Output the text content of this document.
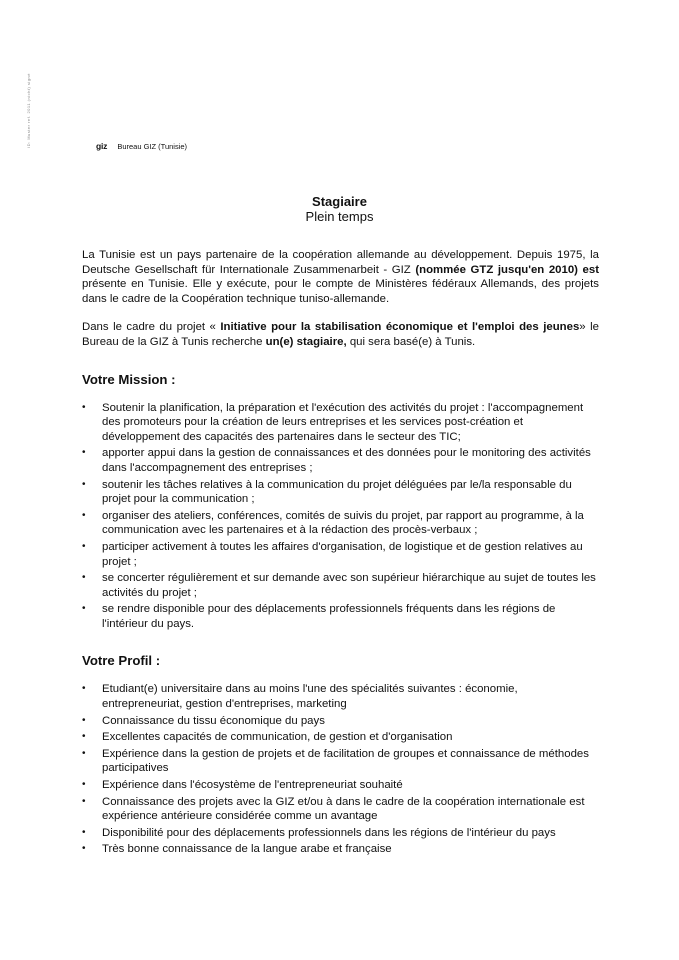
ID: Muster ref. 2011 (nicht) signé	giz Bureau GIZ (Tunisie)
Stagiaire
Plein temps

La Tunisie est un pays partenaire de la coopération allemande au développement. Depuis 1975, la Deutsche Gesellschaft für Internationale Zusammenarbeit - GIZ (nommée GTZ jusqu'en 2010) est présente en Tunisie. Elle y exécute, pour le compte de Ministères fédéraux Allemands, des projets dans le cadre de la Coopération technique tuniso-allemande.

Dans le cadre du projet « Initiative pour la stabilisation économique et l'emploi des jeunes» le Bureau de la GIZ à Tunis recherche un(e) stagiaire, qui sera basé(e) à Tunis.

Votre Mission :
• Soutenir la planification, la préparation et l'exécution des activités du projet : l'accompagnement des promoteurs pour la création de leurs entreprises et les services post-création et développement des capacités des partenaires dans le secteur des TIC;
• apporter appui dans la gestion de connaissances et des données pour le monitoring des activités dans l'accompagnement des entreprises ;
• soutenir les tâches relatives à la communication du projet déléguées par le/la responsable du projet pour la communication ;
• organiser des ateliers, conférences, comités de suivis du projet, par rapport au programme, à la communication avec les partenaires et à la rédaction des procès-verbaux ;
• participer activement à toutes les affaires d'organisation, de logistique et de gestion relatives au projet ;
• se concerter régulièrement et sur demande avec son supérieur hiérarchique au sujet de toutes les activités du projet ;
• se rendre disponible pour des déplacements professionnels fréquents dans les régions de l'intérieur du pays.
Votre Profil :
• Etudiant(e) universitaire dans au moins l'une des spécialités suivantes : économie, entrepreneuriat, gestion d'entreprises, marketing
• Connaissance du tissu économique du pays
• Excellentes capacités de communication, de gestion et d'organisation
• Expérience dans la gestion de projets et de facilitation de groupes et connaissance de méthodes participatives
• Expérience dans l'écosystème de l'entrepreneuriat souhaité
• Connaissance des projets avec la GIZ et/ou à dans le cadre de la coopération internationale est expérience antérieure considérée comme un avantage
• Disponibilité pour des déplacements professionnels dans les régions de l'intérieur du pays
• Très bonne connaissance de la langue arabe et française
